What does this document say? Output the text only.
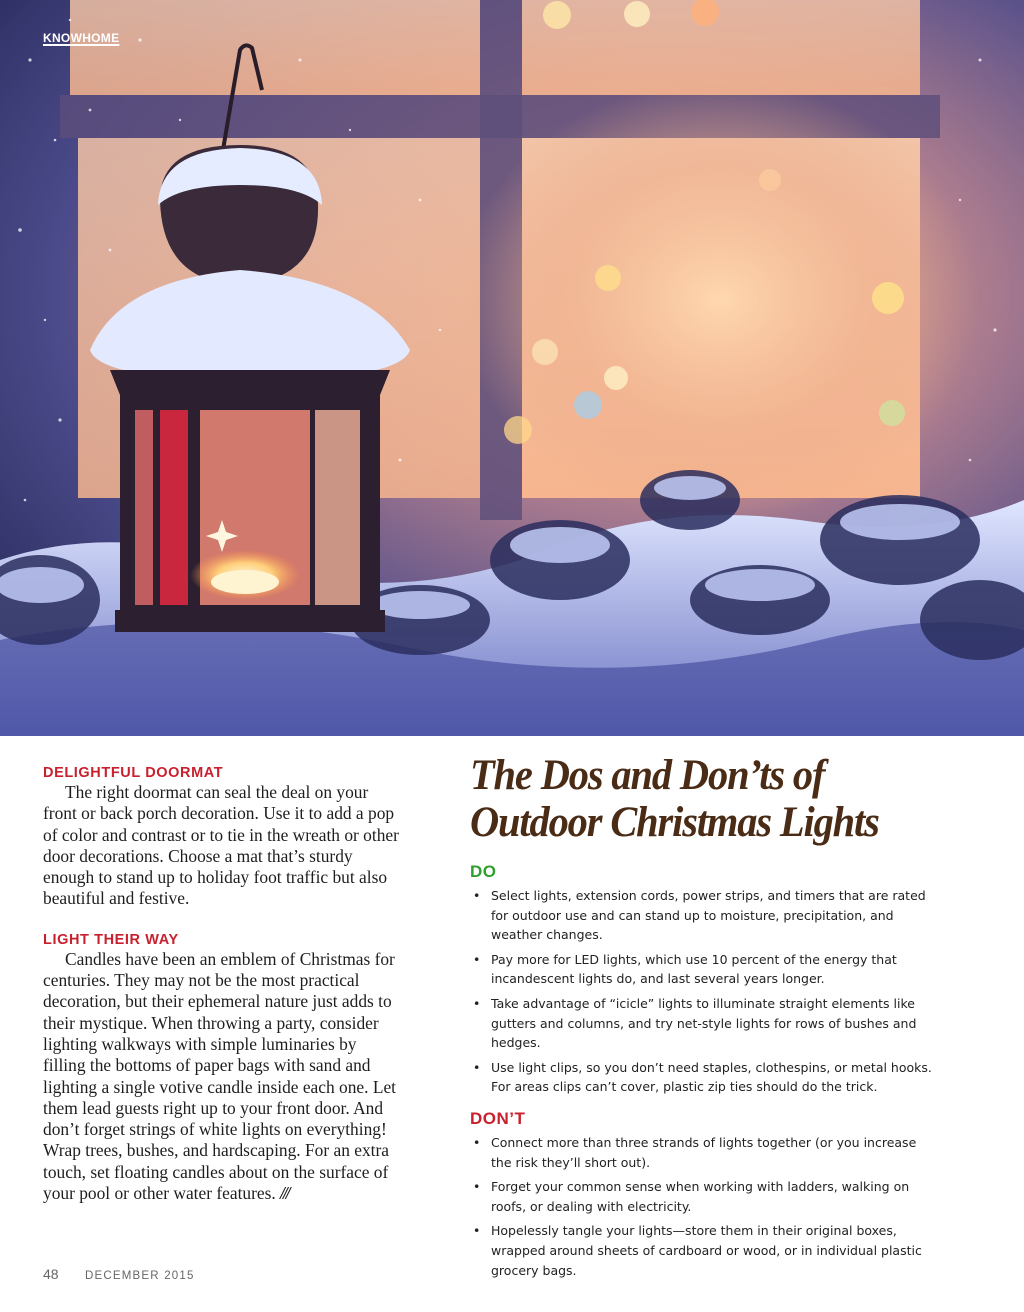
KNOWHOME
DELIGHTFUL DOORMAT

The right doormat can seal the deal on your front or back porch decoration. Use it to add a pop of color and contrast or to tie in the wreath or other door decorations. Choose a mat that’s sturdy enough to stand up to holiday foot traffic but also beautiful and festive.

LIGHT THEIR WAY

Candles have been an emblem of Christmas for centuries. They may not be the most practical decoration, but their ephemeral nature just adds to their mystique. When throwing a party, consider lighting walkways with simple luminaries by filling the bottoms of paper bags with sand and lighting a single votive candle inside each one. Let them lead guests right up to your front door. And don’t forget strings of white lights on everything! Wrap trees, bushes, and hardscaping. For an extra touch, set floating candles about on the surface of your pool or other water features. ///

The Dos and Don’ts of
Outdoor Christmas Lights
DO
• Select lights, extension cords, power strips, and timers that are rated for outdoor use and can stand up to moisture, precipitation, and weather changes.
• Pay more for LED lights, which use 10 percent of the energy that incandescent lights do, and last several years longer.
• Take advantage of “icicle” lights to illuminate straight elements like gutters and columns, and try net-style lights for rows of bushes and hedges.
• Use light clips, so you don’t need staples, clothespins, or metal hooks. For areas clips can’t cover, plastic zip ties should do the trick.
DON’T
• Connect more than three strands of lights together (or you increase the risk they’ll short out).
• Forget your common sense when working with ladders, walking on roofs, or dealing with electricity.
• Hopelessly tangle your lights—store them in their original boxes, wrapped around sheets of cardboard or wood, or in individual plastic grocery bags.
48 DECEMBER 2015
